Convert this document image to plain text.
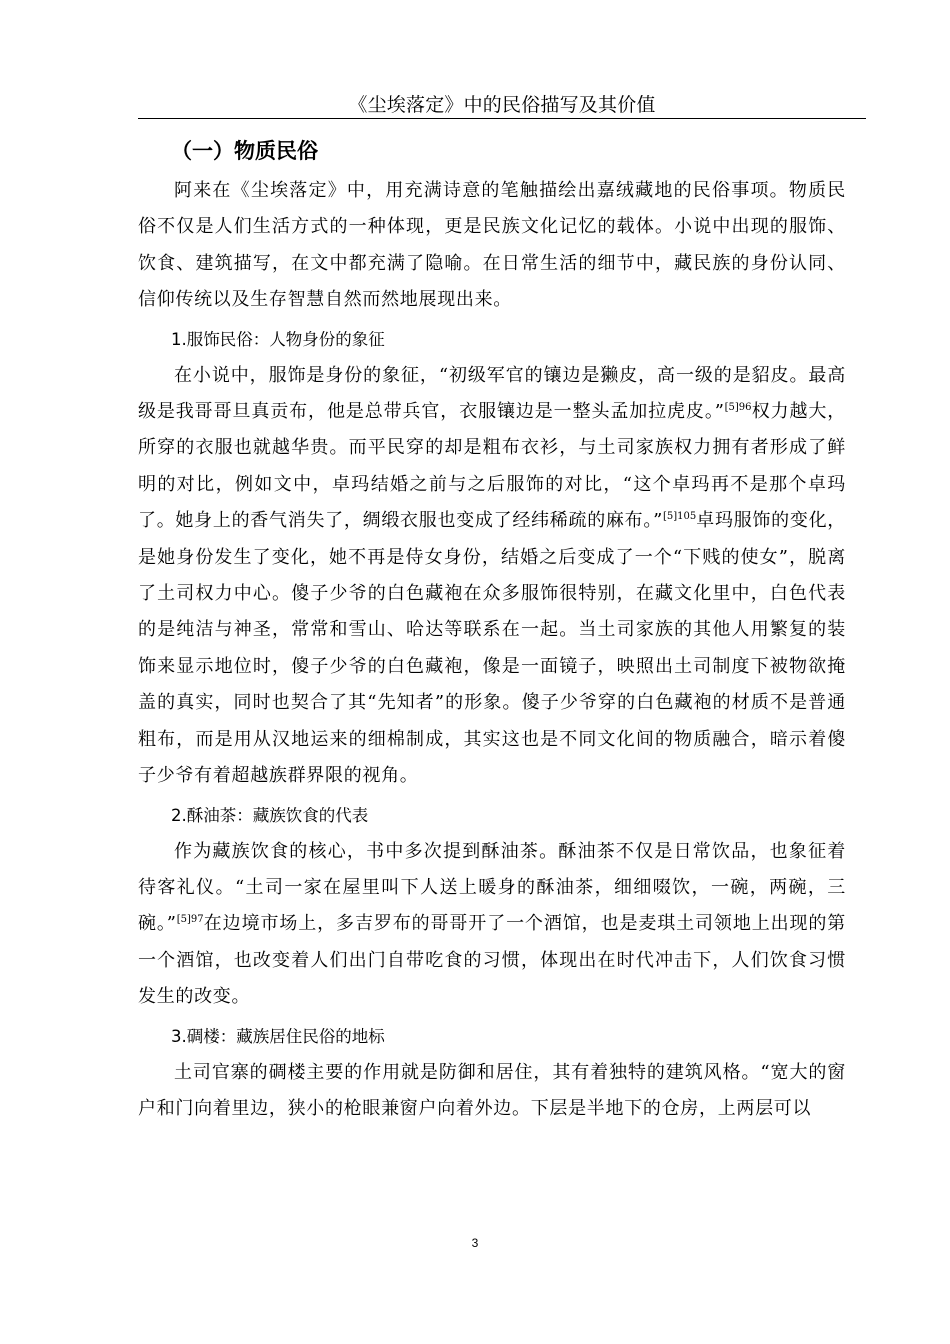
《尘埃落定》中的民俗描写及其价值
（一）物质民俗

阿来在《尘埃落定》中，用充满诗意的笔触描绘出嘉绒藏地的民俗事项。物质民俗不仅是人们生活方式的一种体现，更是民族文化记忆的载体。小说中出现的服饰、饮食、建筑描写，在文中都充满了隐喻。在日常生活的细节中，藏民族的身份认同、信仰传统以及生存智慧自然而然地展现出来。

1.服饰民俗：人物身份的象征

在小说中，服饰是身份的象征，“初级军官的镶边是獭皮，高一级的是貂皮。最高级是我哥哥旦真贡布，他是总带兵官，衣服镶边是一整头孟加拉虎皮。”$^{[5]96}$权力越大，所穿的衣服也就越华贵。而平民穿的却是粗布衣衫，与土司家族权力拥有者形成了鲜明的对比，例如文中，卓玛结婚之前与之后服饰的对比，“这个卓玛再不是那个卓玛了。她身上的香气消失了，绸缎衣服也变成了经纬稀疏的麻布。”$^{[5]105}$卓玛服饰的变化，是她身份发生了变化，她不再是侍女身份，结婚之后变成了一个“下贱的使女”，脱离了土司权力中心。傻子少爷的白色藏袍在众多服饰很特别，在藏文化里中，白色代表的是纯洁与神圣，常常和雪山、哈达等联系在一起。当土司家族的其他人用繁复的装饰来显示地位时，傻子少爷的白色藏袍，像是一面镜子，映照出土司制度下被物欲掩盖的真实，同时也契合了其“先知者”的形象。傻子少爷穿的白色藏袍的材质不是普通粗布，而是用从汉地运来的细棉制成，其实这也是不同文化间的物质融合，暗示着傻子少爷有着超越族群界限的视角。

2.酥油茶：藏族饮食的代表

作为藏族饮食的核心，书中多次提到酥油茶。酥油茶不仅是日常饮品，也象征着待客礼仪。“土司一家在屋里叫下人送上暖身的酥油茶，细细啜饮，一碗，两碗，三碗。”$^{[5]97}$在边境市场上，多吉罗布的哥哥开了一个酒馆，也是麦琪土司领地上出现的第一个酒馆，也改变着人们出门自带吃食的习惯，体现出在时代冲击下，人们饮食习惯发生的改变。

3.碉楼：藏族居住民俗的地标

土司官寨的碉楼主要的作用就是防御和居住，其有着独特的建筑风格。“宽大的窗户和门向着里边，狭小的枪眼兼窗户向着外边。下层是半地下的仓房，上两层可以

3
